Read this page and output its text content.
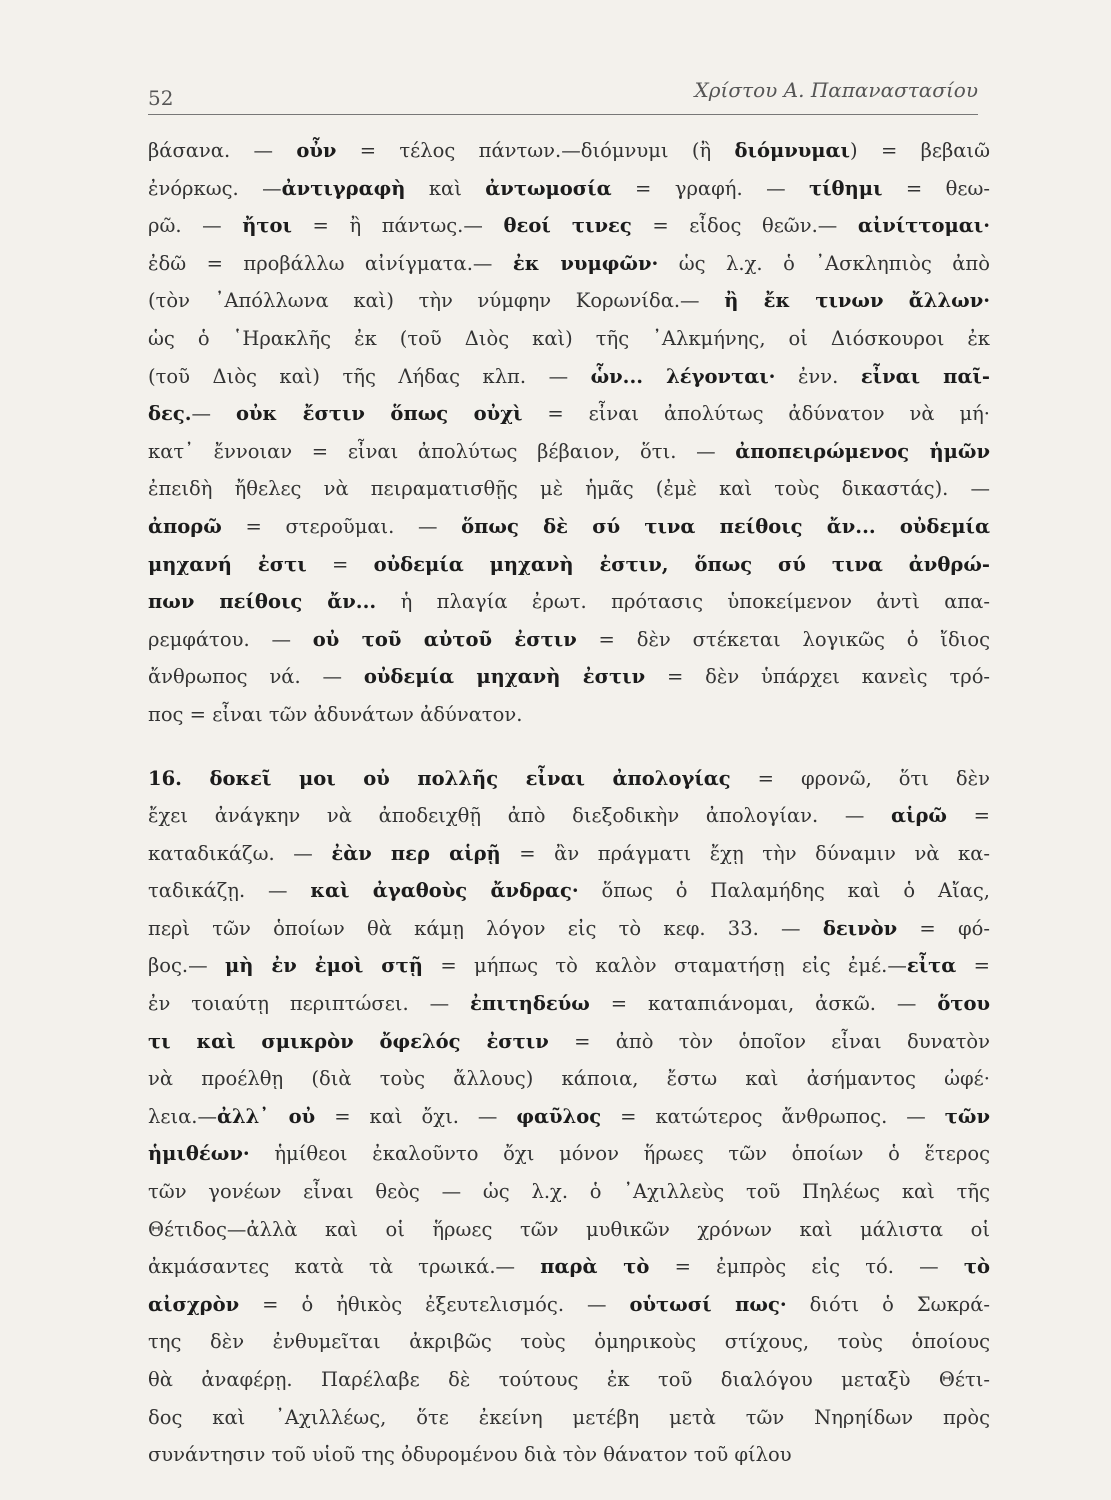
52	Χρίστου Α. Παπαναστασίου
βάσανα. — οὖν = τέλος πάντων.—διόμνυμι (ἢ διόμνυμαι) = βεβαιῶ
ἐνόρκως. —ἀντιγραφὴ καὶ ἀντωμοσία = γραφή. — τίθημι = θεω-
ρῶ. — ἤτοι = ἢ πάντως.— θεοί τινες = εἶδος θεῶν.— αἰνίττομαι·
ἐδῶ = προβάλλω αἰνίγματα.— ἐκ νυμφῶν· ὡς λ.χ. ὁ ᾿Ασκληπιὸς ἀπὸ
(τὸν ᾿Απόλλωνα καὶ) τὴν νύμφην Κορωνίδα.— ἢ ἔκ τινων ἄλλων·
ὡς ὁ ῾Ηρακλῆς ἐκ (τοῦ Διὸς καὶ) τῆς ᾿Αλκμήνης, οἱ Διόσκουροι ἐκ
(τοῦ Διὸς καὶ) τῆς Λήδας κλπ. — ὧν... λέγονται· ἐνν. εἶναι παῖ-
δες.— οὐκ ἔστιν ὅπως οὐχὶ = εἶναι ἀπολύτως ἀδύνατον νὰ μή·
κατ᾿ ἔννοιαν = εἶναι ἀπολύτως βέβαιον, ὅτι. — ἀποπειρώμενος ἡμῶν
ἐπειδὴ ἤθελες νὰ πειραματισθῇς μὲ ἡμᾶς (ἐμὲ καὶ τοὺς δικαστάς). —
ἀπορῶ = στεροῦμαι. — ὅπως δὲ σύ τινα πείθοις ἄν... οὐδεμία
μηχανή ἐστι = οὐδεμία μηχανὴ ἐστιν, ὅπως σύ τινα ἀνθρώ-
πων πείθοις ἄν... ἡ πλαγία ἐρωτ. πρότασις ὑποκείμενον ἀντὶ απα-
ρεμφάτου. — οὐ τοῦ αὐτοῦ ἐστιν = δὲν στέκεται λογικῶς ὁ ἴδιος
ἄνθρωπος νά. — οὐδεμία μηχανὴ ἐστιν = δὲν ὑπάρχει κανεὶς τρό-
πος = εἶναι τῶν ἀδυνάτων ἀδύνατον.
16. δοκεῖ μοι οὐ πολλῆς εἶναι ἀπολογίας = φρονῶ, ὅτι δὲν
ἔχει ἀνάγκην νὰ ἀποδειχθῇ ἀπὸ διεξοδικὴν ἀπολογίαν. — αἱρῶ =
καταδικάζω. — ἐὰν περ αἱρῇ = ἂν πράγματι ἔχῃ τὴν δύναμιν νὰ κα-
ταδικάζῃ. — καὶ ἀγαθοὺς ἄνδρας· ὅπως ὁ Παλαμήδης καὶ ὁ Αἴας,
περὶ τῶν ὁποίων θὰ κάμῃ λόγον εἰς τὸ κεφ. 33. — δεινὸν = φό-
βος.— μὴ ἐν ἐμοὶ στῇ = μήπως τὸ καλὸν σταματήσῃ εἰς ἐμέ.—εἶτα =
ἐν τοιαύτῃ περιπτώσει. — ἐπιτηδεύω = καταπιάνομαι, ἀσκῶ. — ὅτου
τι καὶ σμικρὸν ὄφελός ἐστιν = ἀπὸ τὸν ὁποῖον εἶναι δυνατὸν
νὰ προέλθῃ (διὰ τοὺς ἄλλους) κάποια, ἔστω καὶ ἀσήμαντος ὠφέ·
λεια.—ἀλλ᾿ οὐ = καὶ ὄχι. — φαῦλος = κατώτερος ἄνθρωπος. — τῶν
ἡμιθέων· ἡμίθεοι ἐκαλοῦντο ὄχι μόνον ἥρωες τῶν ὁποίων ὁ ἕτερος
τῶν γονέων εἶναι θεὸς — ὡς λ.χ. ὁ ᾿Αχιλλεὺς τοῦ Πηλέως καὶ τῆς
Θέτιδος—ἀλλὰ καὶ οἱ ἥρωες τῶν μυθικῶν χρόνων καὶ μάλιστα οἱ
ἀκμάσαντες κατὰ τὰ τρωικά.— παρὰ τὸ = ἐμπρὸς εἰς τό. — τὸ
αἰσχρὸν = ὁ ἠθικὸς ἐξευτελισμός. — οὑτωσί πως· διότι ὁ Σωκρά-
της δὲν ἐνθυμεῖται ἀκριβῶς τοὺς ὁμηρικοὺς στίχους, τοὺς ὁποίους
θὰ ἀναφέρῃ. Παρέλαβε δὲ τούτους ἐκ τοῦ διαλόγου μεταξὺ Θέτι-
δος καὶ ᾿Αχιλλέως, ὅτε ἐκείνη μετέβη μετὰ τῶν Νηρηίδων πρὸς
συνάντησιν τοῦ υἱοῦ της ὀδυρομένου διὰ τὸν θάνατον τοῦ φίλου
